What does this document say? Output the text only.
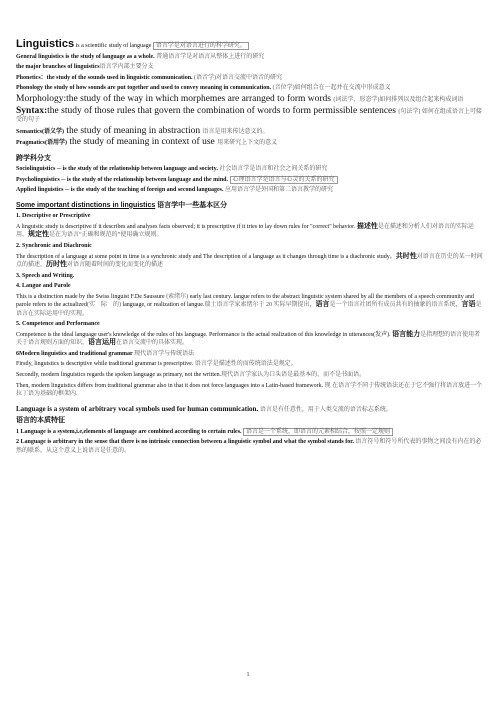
Linguistics is a scientific study of language 语言学是对语言进行的科学研究。

General linguistics is the study of language as a whole. 普通语言学是对语言从整体上进行的研究

the major branches of linguistics语言学内部主要分支

Phonetics：the study of the sounds used in linguistic communication. (语音学)对语言交流中语音的研究

Phonology the study of how sounds are put together and used to convey meaning in communication. (音位学)如何组合在一起并在交流中形成意义

Morphology:the study of the way in which morphemes are arranged to form words (词法学、形态学)如何排列以及组合起来构成词语

Syntax:the study of those rules that govern the combination of words to form permissible sentences (句法学) 如何在组成语言上可接受的句子

Semantics(语义学) the study of meaning in abstraction 语言是用来传达意义的。

Pragmatics(语用学) the study of meaning in context of use 用来研究上下文的意义

跨学科分支

Sociolinguistics ─ is the study of the relationship between language and society. 社会语言学是语言和社会之间关系的研究

Psycholinguistics ─ is the study of the relationship between language and the mind. 心理语言学是语言与心灵的关系的研究

Applied linguistics ─ is the study of the teaching of foreign and second languages. 应用语言学是外国和第二语言教学的研究

Some important distinctions in linguistics 语言学中一些基本区分

1. Descriptive or Prescriptive

A linguistic study is descriptive if it describes and analyses facts observed; it is prescriptive if it tries to lay down rules for "correct" behavior. 描述性是在描述和分析人们对语言的实际运用，规定性是在为语言“正确和规范的”使用确立规则。

2. Synchronic and Diachronic

The description of a language at some point in time is a synchronic study and The description of a language as it changes through time is a diachronic study。共时性对语言在历史的某一时间点的描述，历时性对语言随着时间的变化而变化的描述

3. Speech and Writing.

4. Langue and Parole

This is a distinction made by the Swiss linguist F.De Saussure (索绪尔) early last century. langue refers to the abstract linguistic system shared by all the members of a speech community and parole refers to the actualized(实　际　的) language, or realization of langue.瑞士语言学家索绪尔于 20 实际早期提出，语言是一个语言社团所有成员共有的抽象的语言系统，言语是语言在实际运用中的实现。

5. Competence and Performance

Competence is the ideal language user's knowledge of the rules of his language. Performance is the actual realization of this knowledge in utterances(发声). 语言能力是指理想的语言使用者关于语言规则方面的知识，语言运用在语言交流中的具体实现。

6Modern linguistics and traditional grammar 现代语言学与传统语法

Firstly, linguistics is descriptive while traditional grammar is prescriptive. 语言学是描述性的而传统语法是规定。

Secondly, modern linguistics regards the spoken language as primary, not the written.现代语言学家认为口头语是最基本的，而不是书面语。

Then, modern linguistics differs from traditional grammar also in that it does not force languages into a Latin-based framework. 现 在语言学不同于传统语法还在于它不强行将语言放进一个拉丁语为基础的框架内.

Language is a system of arbitrary vocal symbols used for human communication. 语言是有任意性，用于人类交流的语音标志系统。

语言的本质特征

1 Language is a system,i.e,elements of language are combined according to certain rules. 语言是一个系统，即语言的元素相结合，按照一定规则

2 Language is arbitrary in the sense that there is no intrinsic connection between a linguistic symbol and what the symbol stands for. 语言符号和符号所代表的事物之间没有内在的必然的联系，从这个意义上说语言是任意的。

1
